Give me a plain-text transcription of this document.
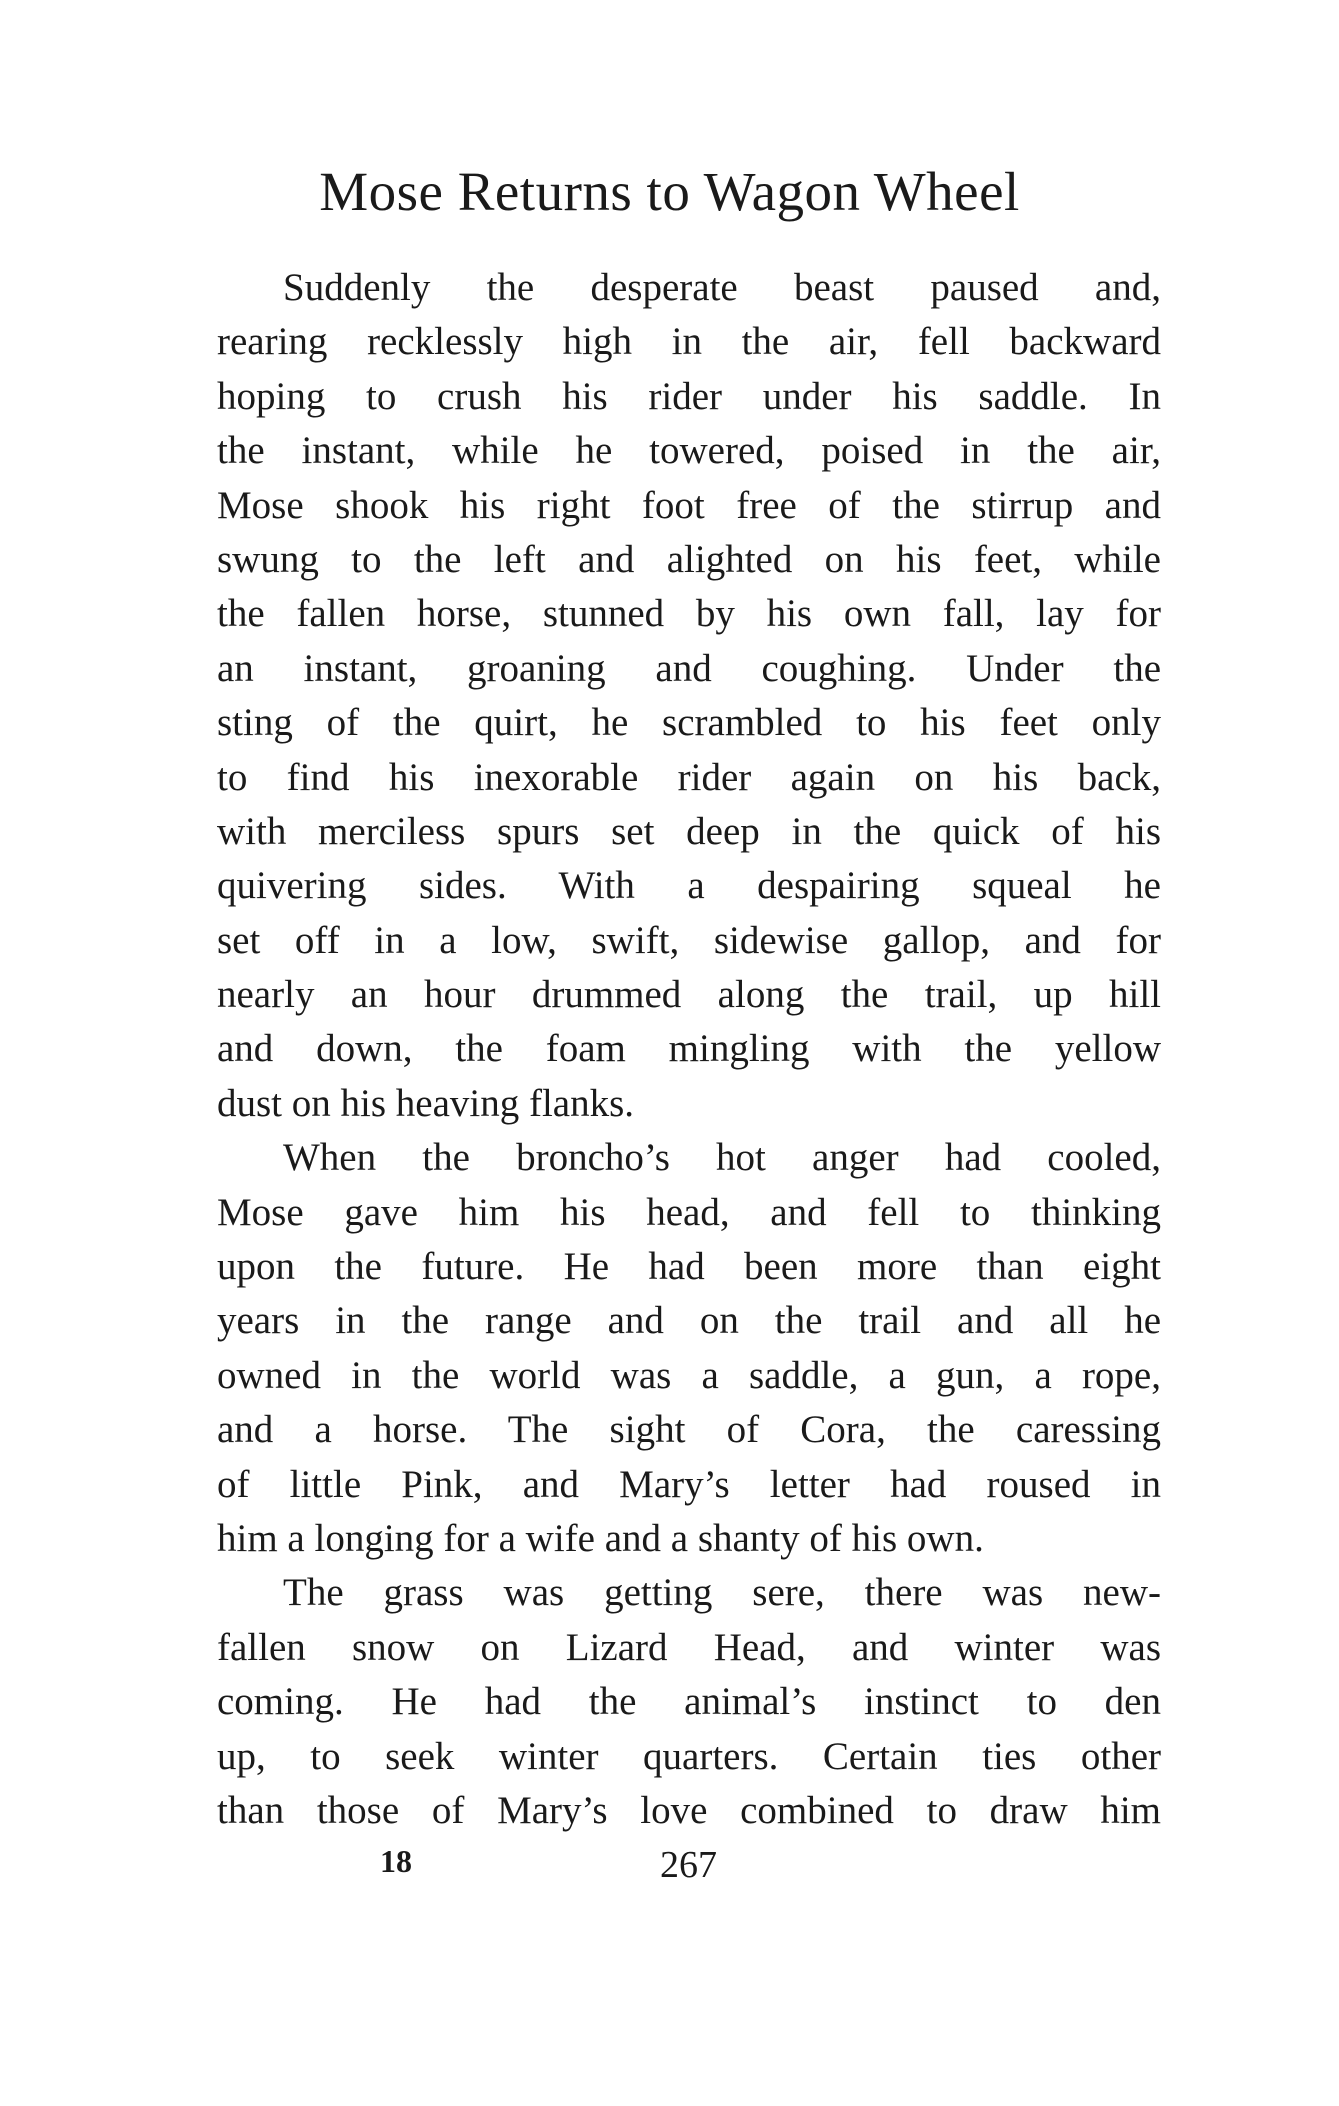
Mose Returns to Wagon Wheel
Suddenly the desperate beast paused and,
rearing recklessly high in the air, fell backward
hoping to crush his rider under his saddle. In
the instant, while he towered, poised in the air,
Mose shook his right foot free of the stirrup and
swung to the left and alighted on his feet, while
the fallen horse, stunned by his own fall, lay for
an instant, groaning and coughing. Under the
sting of the quirt, he scrambled to his feet only
to find his inexorable rider again on his back,
with merciless spurs set deep in the quick of his
quivering sides. With a despairing squeal he
set off in a low, swift, sidewise gallop, and for
nearly an hour drummed along the trail, up hill
and down, the foam mingling with the yellow
dust on his heaving flanks.
When the broncho’s hot anger had cooled,
Mose gave him his head, and fell to thinking
upon the future. He had been more than eight
years in the range and on the trail and all he
owned in the world was a saddle, a gun, a rope,
and a horse. The sight of Cora, the caressing
of little Pink, and Mary’s letter had roused in
him a longing for a wife and a shanty of his own.
The grass was getting sere, there was new-
fallen snow on Lizard Head, and winter was
coming. He had the animal’s instinct to den
up, to seek winter quarters. Certain ties other
than those of Mary’s love combined to draw him
18	267
